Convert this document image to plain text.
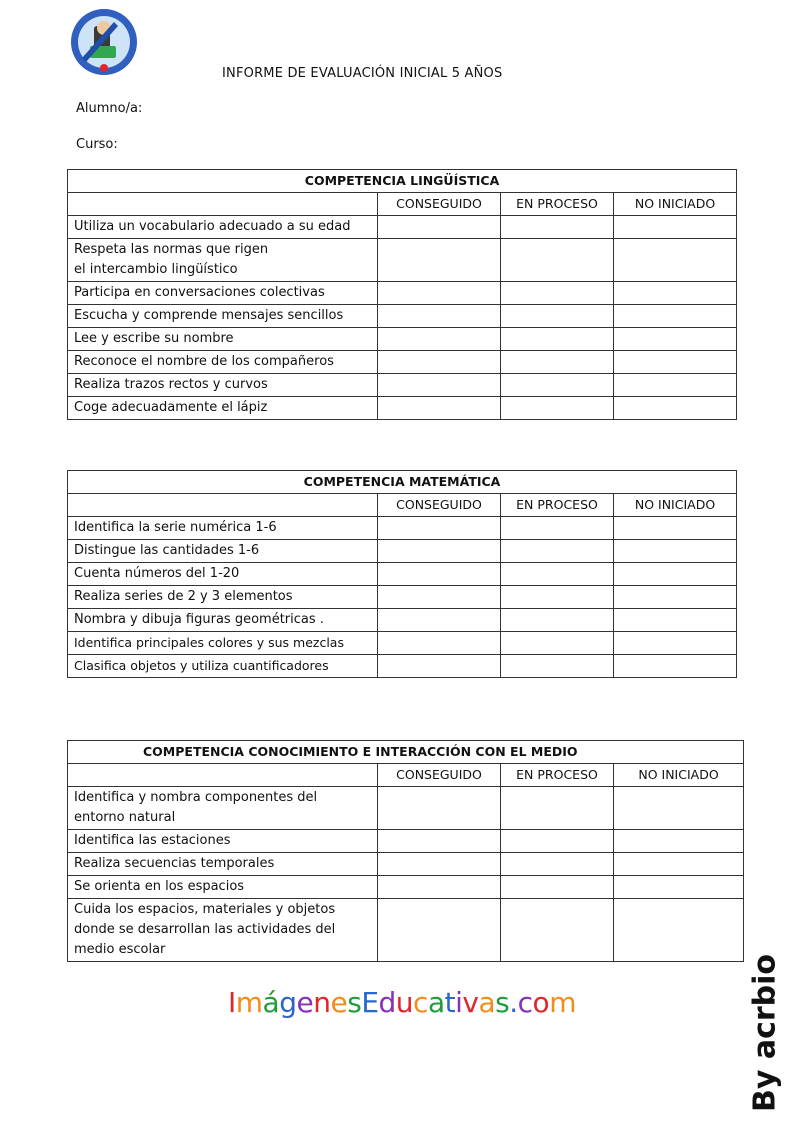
INFORME DE EVALUACIÓN INICIAL 5 AÑOS
Alumno/a:
Curso:
COMPETENCIA LINGÜÍSTICA			
	CONSEGUIDO	EN PROCESO	NO INICIADO
Utiliza un vocabulario adecuado a su edad			
Respeta las normas que rigen el intercambio lingüístico			
Participa en conversaciones colectivas			
Escucha y comprende mensajes sencillos			
Lee y escribe su nombre			
Reconoce el nombre de los compañeros			
Realiza trazos rectos y curvos			
Coge adecuadamente el lápiz			
COMPETENCIA MATEMÁTICA			
	CONSEGUIDO	EN PROCESO	NO INICIADO
Identifica la serie numérica 1-6			
Distingue las cantidades 1-6			
Cuenta números del 1-20			
Realiza series de 2 y 3 elementos			
Nombra y dibuja figuras geométricas .			
Identifica principales colores y sus mezclas			
Clasifica objetos y utiliza cuantificadores			
COMPETENCIA CONOCIMIENTO E INTERACCIÓN CON EL MEDIO			
	CONSEGUIDO	EN PROCESO	NO INICIADO
Identifica y nombra componentes del entorno natural			
Identifica las estaciones			
Realiza secuencias temporales			
Se orienta en los espacios			
Cuida los espacios, materiales y objetos donde se desarrollan las actividades del medio escolar			
ImágenesEducativas.com	By acrbio
